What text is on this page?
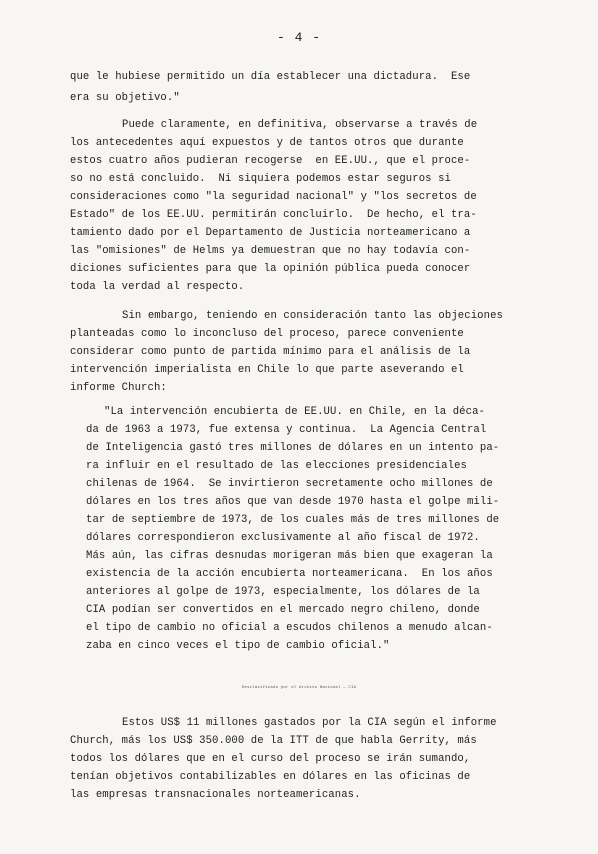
- 4 -
que le hubiese permitido un día establecer una dictadura.  Ese
era su objetivo."
Puede claramente, en definitiva, observarse a través de
los antecedentes aquí expuestos y de tantos otros que durante
estos cuatro años pudieran recogerse  en EE.UU., que el proce-
so no está concluido.  Ni siquiera podemos estar seguros si
consideraciones como "la seguridad nacional" y "los secretos de
Estado" de los EE.UU. permitirán concluirlo.  De hecho, el tra-
tamiento dado por el Departamento de Justicia norteamericano a
las "omisiones" de Helms ya demuestran que no hay todavía con-
diciones suficientes para que la opinión pública pueda conocer
toda la verdad al respecto.
Sin embargo, teniendo en consideración tanto las objeciones
planteadas como lo inconcluso del proceso, parece conveniente
considerar como punto de partida mínimo para el análisis de la
intervención imperialista en Chile lo que parte aseverando el
informe Church:
"La intervención encubierta de EE.UU. en Chile, en la déca-
da de 1963 a 1973, fue extensa y continua.  La Agencia Central
de Inteligencia gastó tres millones de dólares en un intento pa-
ra influir en el resultado de las elecciones presidenciales
chilenas de 1964.  Se invirtieron secretamente ocho millones de
dólares en los tres años que van desde 1970 hasta el golpe mili-
tar de septiembre de 1973, de los cuales más de tres millones de
dólares correspondieron exclusivamente al año fiscal de 1972.
Más aún, las cifras desnudas morigeran más bien que exageran la
existencia de la acción encubierta norteamericana.  En los años
anteriores al golpe de 1973, especialmente, los dólares de la
CIA podían ser convertidos en el mercado negro chileno, donde
el tipo de cambio no oficial a escudos chilenos a menudo alcan-
zaba en cinco veces el tipo de cambio oficial."
Desclasificado por el Archivo Nacional — CIA
Estos US$ 11 millones gastados por la CIA según el informe
Church, más los US$ 350.000 de la ITT de que habla Gerrity, más
todos los dólares que en el curso del proceso se irán sumando,
tenían objetivos contabilizables en dólares en las oficinas de
las empresas transnacionales norteamericanas.
